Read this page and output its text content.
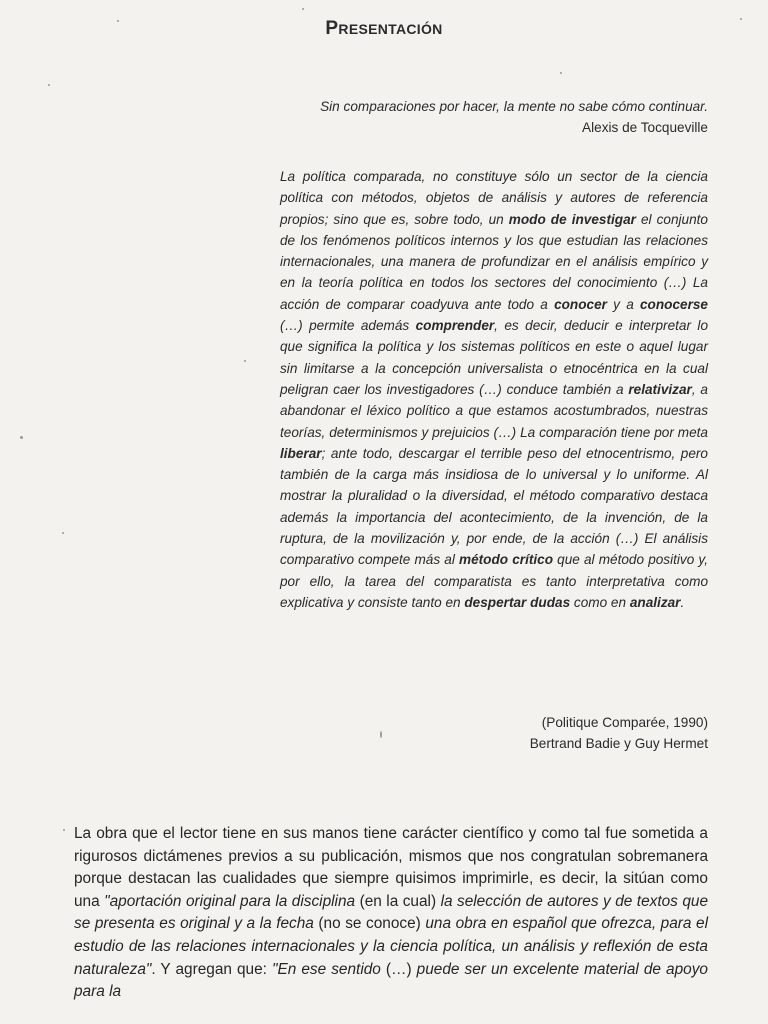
PRESENTACIÓN
Sin comparaciones por hacer, la mente no sabe cómo continuar.
Alexis de Tocqueville
La política comparada, no constituye sólo un sector de la ciencia política con métodos, objetos de análisis y autores de referencia propios; sino que es, sobre todo, un modo de investigar el conjunto de los fenómenos políticos internos y los que estudian las relaciones internacionales, una manera de profundizar en el análisis empírico y en la teoría política en todos los sectores del conocimiento (…) La acción de comparar coadyuva ante todo a conocer y a conocerse (…) permite además comprender, es decir, deducir e interpretar lo que significa la política y los sistemas políticos en este o aquel lugar sin limitarse a la concepción universalista o etnocéntrica en la cual peligran caer los investigadores (…) conduce también a relativizar, a abandonar el léxico político a que estamos acostumbrados, nuestras teorías, determinismos y prejuicios (…) La comparación tiene por meta liberar; ante todo, descargar el terrible peso del etnocentrismo, pero también de la carga más insidiosa de lo universal y lo uniforme. Al mostrar la pluralidad o la diversidad, el método comparativo destaca además la importancia del acontecimiento, de la invención, de la ruptura, de la movilización y, por ende, de la acción (…) El análisis comparativo compete más al método crítico que al método positivo y, por ello, la tarea del comparatista es tanto interpretativa como explicativa y consiste tanto en despertar dudas como en analizar.
(Politique Comparée, 1990)
Bertrand Badie y Guy Hermet
La obra que el lector tiene en sus manos tiene carácter científico y como tal fue sometida a rigurosos dictámenes previos a su publicación, mismos que nos congratulan sobremanera porque destacan las cualidades que siempre quisimos imprimirle, es decir, la sitúan como una "aportación original para la disciplina (en la cual) la selección de autores y de textos que se presenta es original y a la fecha (no se conoce) una obra en español que ofrezca, para el estudio de las relaciones internacionales y la ciencia política, un análisis y reflexión de esta naturaleza". Y agregan que: "En ese sentido (…) puede ser un excelente material de apoyo para la
